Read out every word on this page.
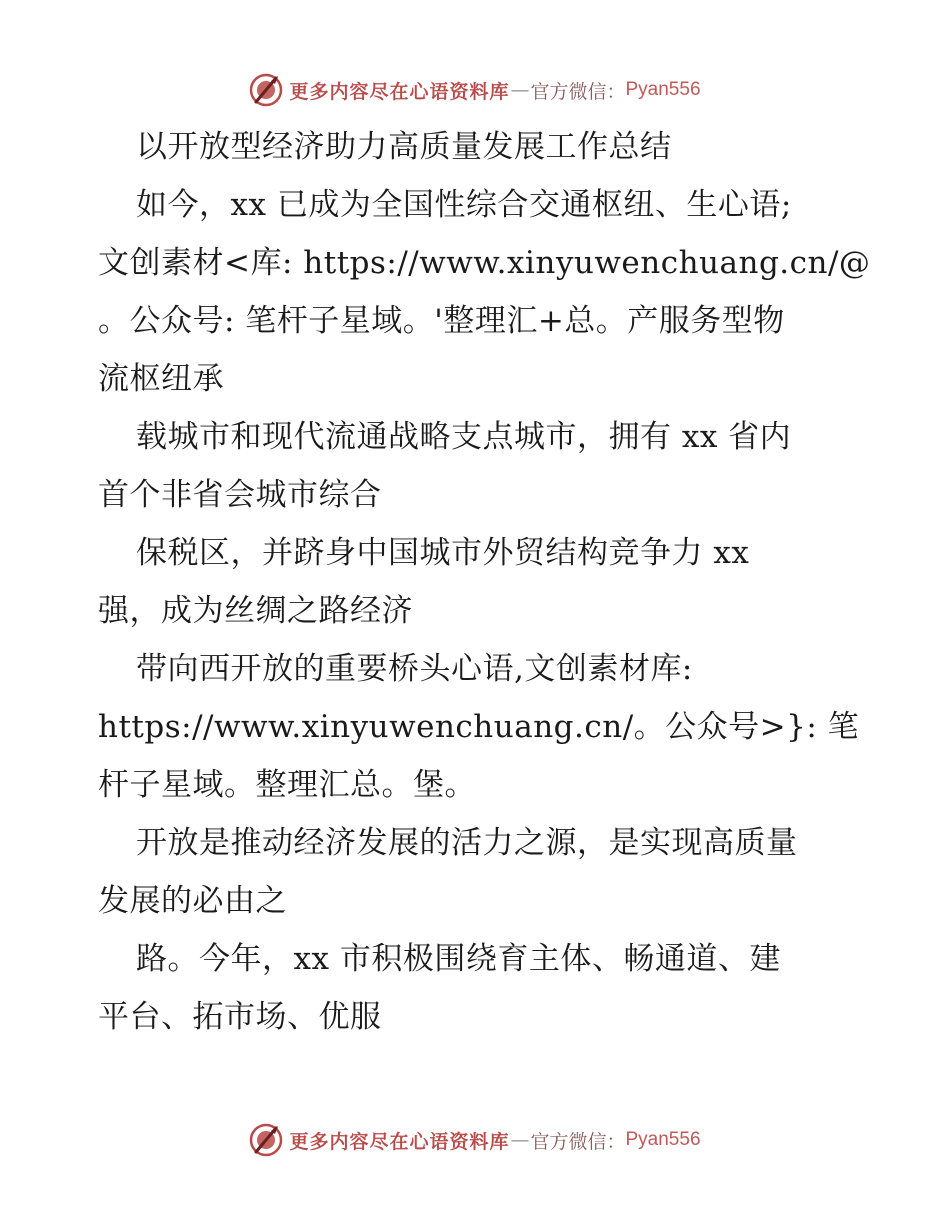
更多内容尽在心语资料库 — 官方微信： Pyan556
以开放型经济助力高质量发展工作总结
如今，xx 已成为全国性综合交通枢纽、生心语;
文创素材<库: https://www.xinyuwenchuang.cn/@
。公众号: 笔杆子星域。'整理汇+总。产服务型物
流枢纽承
载城市和现代流通战略支点城市，拥有 xx 省内
首个非省会城市综合
保税区，并跻身中国城市外贸结构竞争力 xx
强，成为丝绸之路经济
带向西开放的重要桥头心语,文创素材库:
https://www.xinyuwenchuang.cn/。公众号>}: 笔
杆子星域。整理汇总。堡。
开放是推动经济发展的活力之源，是实现高质量
发展的必由之
路。今年，xx 市积极围绕育主体、畅通道、建
平台、拓市场、优服
更多内容尽在心语资料库 — 官方微信： Pyan556
